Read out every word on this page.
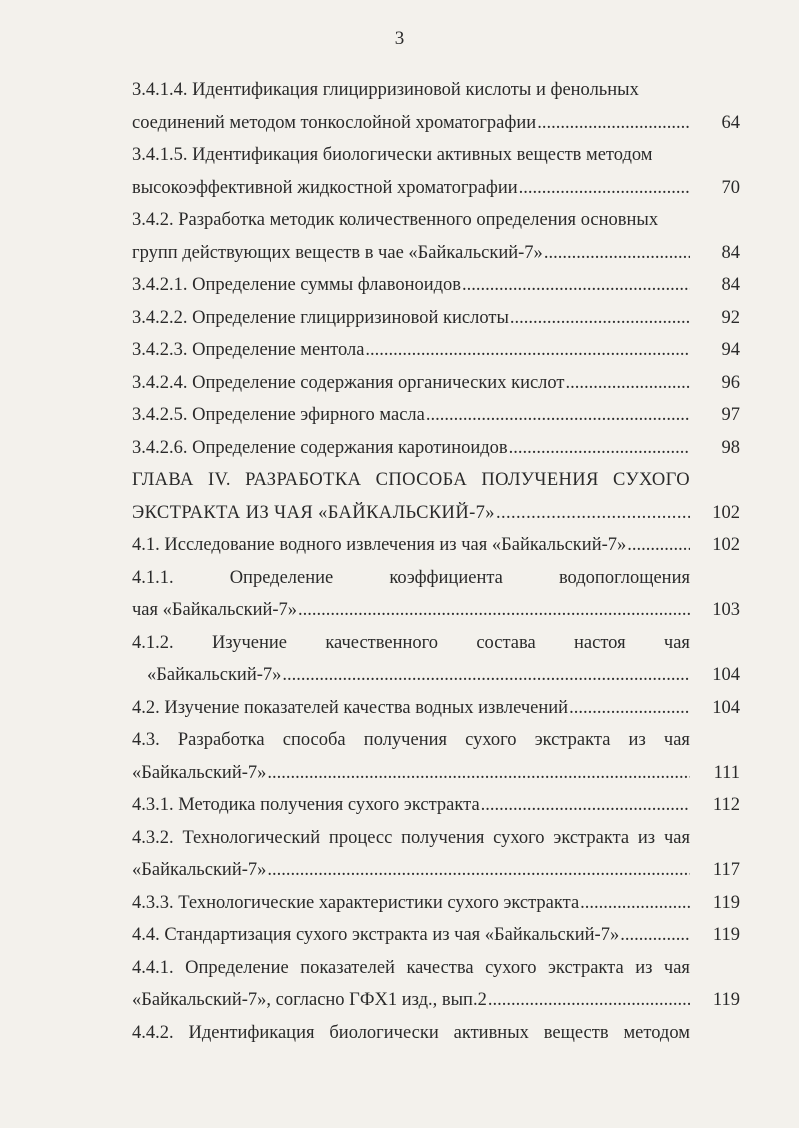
3
3.4.1.4. Идентификация глицирризиновой кислоты и фенольных
соединений методом тонкослойной хроматографии .....	64
3.4.1.5. Идентификация биологически активных веществ методом
высокоэффективной жидкостной хроматографии .....	70
3.4.2. Разработка методик количественного определения основных
групп действующих веществ в чае «Байкальский-7» .....	84
3.4.2.1. Определение суммы флавоноидов .....	84
3.4.2.2. Определение глицирризиновой кислоты .....	92
3.4.2.3. Определение ментола .....	94
3.4.2.4. Определение содержания органических кислот .....	96
3.4.2.5. Определение эфирного масла .....	97
3.4.2.6. Определение содержания каротиноидов .....	98
ГЛАВА IV. РАЗРАБОТКА СПОСОБА ПОЛУЧЕНИЯ СУХОГО
ЭКСТРАКТА ИЗ ЧАЯ «БАЙКАЛЬСКИЙ-7» .....	102
4.1. Исследование водного извлечения из чая «Байкальский-7» .....	102
4.1.1.	Определение	коэффициента	водопоглощения
чая «Байкальский-7» .....	103
4.1.2. Изучение качественного состава настоя чая
«Байкальский-7» .....	104
4.2. Изучение показателей качества водных извлечений .....	104
4.3. Разработка способа получения сухого экстракта из чая
«Байкальский-7» .....	111
4.3.1. Методика получения сухого экстракта .....	112
4.3.2. Технологический процесс получения сухого экстракта из чая
«Байкальский-7» .....	117
4.3.3. Технологические характеристики сухого экстракта .....	119
4.4. Стандартизация сухого экстракта из чая «Байкальский-7» .....	119
4.4.1. Определение показателей качества сухого экстракта из чая
«Байкальский-7», согласно ГФХ1 изд., вып.2 .....	119
4.4.2. Идентификация биологически активных веществ методом
